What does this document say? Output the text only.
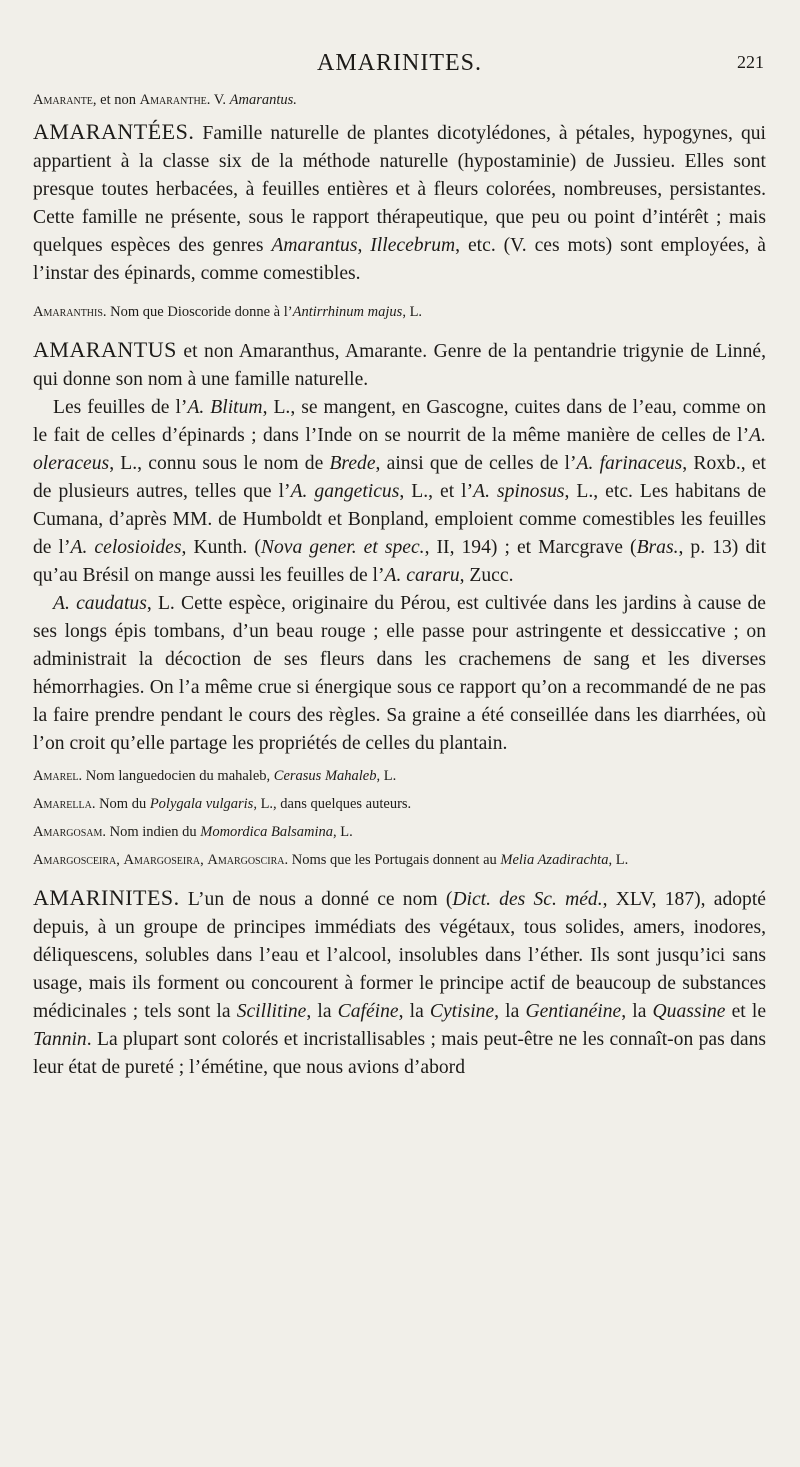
AMARINITES.	221

Amarante, et non Amaranthe. V. Amarantus.

AMARANTÉES. Famille naturelle de plantes dicotylédones, à pétales, hypogynes, qui appartient à la classe six de la méthode naturelle (hypostaminie) de Jussieu. Elles sont presque toutes herbacées, à feuilles entières et à fleurs colorées, nombreuses, persistantes. Cette famille ne présente, sous le rapport thérapeutique, que peu ou point d’intérêt ; mais quelques espèces des genres Amarantus, Illecebrum, etc. (V. ces mots) sont employées, à l’instar des épinards, comme comestibles.

Amaranthis. Nom que Dioscoride donne à l’Antirrhinum majus, L.

AMARANTUS et non Amaranthus, Amarante. Genre de la pentandrie trigynie de Linné, qui donne son nom à une famille naturelle.

Les feuilles de l’A. Blitum, L., se mangent, en Gascogne, cuites dans de l’eau, comme on le fait de celles d’épinards ; dans l’Inde on se nourrit de la même manière de celles de l’A. oleraceus, L., connu sous le nom de Brede, ainsi que de celles de l’A. farinaceus, Roxb., et de plusieurs autres, telles que l’A. gangeticus, L., et l’A. spinosus, L., etc. Les habitans de Cumana, d’après MM. de Humboldt et Bonpland, emploient comme comestibles les feuilles de l’A. celosioides, Kunth. (Nova gener. et spec., II, 194) ; et Marcgrave (Bras., p. 13) dit qu’au Brésil on mange aussi les feuilles de l’A. cararu, Zucc.

A. caudatus, L. Cette espèce, originaire du Pérou, est cultivée dans les jardins à cause de ses longs épis tombans, d’un beau rouge ; elle passe pour astringente et dessiccative ; on administrait la décoction de ses fleurs dans les crachemens de sang et les diverses hémorrhagies. On l’a même crue si énergique sous ce rapport qu’on a recommandé de ne pas la faire prendre pendant le cours des règles. Sa graine a été conseillée dans les diarrhées, où l’on croit qu’elle partage les propriétés de celles du plantain.

Amarel. Nom languedocien du mahaleb, Cerasus Mahaleb, L.

Amarella. Nom du Polygala vulgaris, L., dans quelques auteurs.

Amargosam. Nom indien du Momordica Balsamina, L.

Amargosceira, Amargoseira, Amargoscira. Noms que les Portugais donnent au Melia Azadirachta, L.

AMARINITES. L’un de nous a donné ce nom (Dict. des Sc. méd., XLV, 187), adopté depuis, à un groupe de principes immédiats des végétaux, tous solides, amers, inodores, déliquescens, solubles dans l’eau et l’alcool, insolubles dans l’éther. Ils sont jusqu’ici sans usage, mais ils forment ou concourent à former le principe actif de beaucoup de substances médicinales ; tels sont la Scillitine, la Caféine, la Cytisine, la Gentianéine, la Quassine et le Tannin. La plupart sont colorés et incristallisables ; mais peut-être ne les connaît-on pas dans leur état de pureté ; l’émétine, que nous avions d’abord
